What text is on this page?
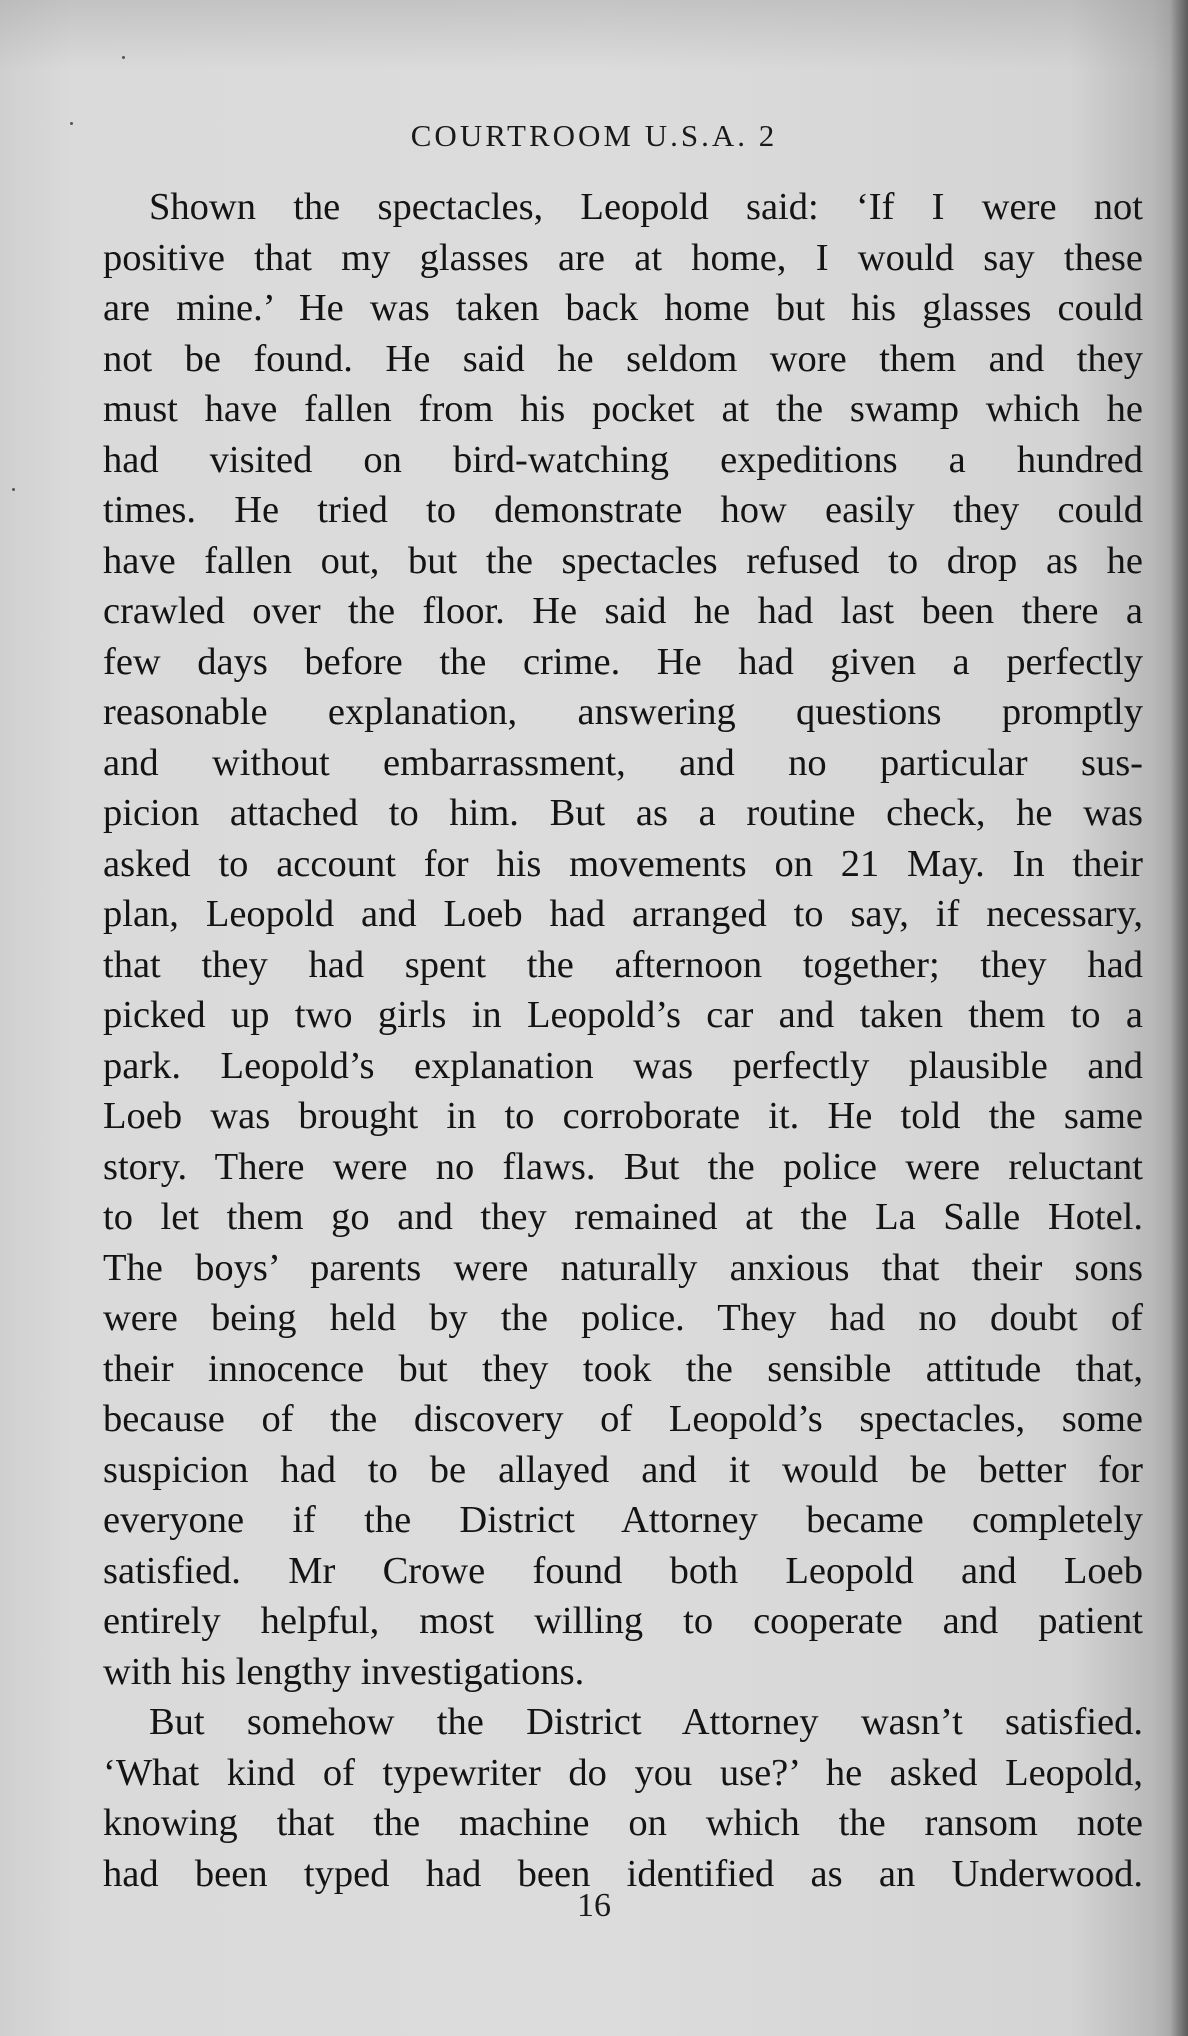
COURTROOM U.S.A. 2
Shown the spectacles, Leopold said: ‘If I were not
positive that my glasses are at home, I would say these
are mine.’ He was taken back home but his glasses could
not be found. He said he seldom wore them and they
must have fallen from his pocket at the swamp which he
had visited on bird-watching expeditions a hundred
times. He tried to demonstrate how easily they could
have fallen out, but the spectacles refused to drop as he
crawled over the floor. He said he had last been there a
few days before the crime. He had given a perfectly
reasonable explanation, answering questions promptly
and without embarrassment, and no particular sus-
picion attached to him. But as a routine check, he was
asked to account for his movements on 21 May. In their
plan, Leopold and Loeb had arranged to say, if necessary,
that they had spent the afternoon together; they had
picked up two girls in Leopold’s car and taken them to a
park. Leopold’s explanation was perfectly plausible and
Loeb was brought in to corroborate it. He told the same
story. There were no flaws. But the police were reluctant
to let them go and they remained at the La Salle Hotel.
The boys’ parents were naturally anxious that their sons
were being held by the police. They had no doubt of
their innocence but they took the sensible attitude that,
because of the discovery of Leopold’s spectacles, some
suspicion had to be allayed and it would be better for
everyone if the District Attorney became completely
satisfied. Mr Crowe found both Leopold and Loeb
entirely helpful, most willing to cooperate and patient
with his lengthy investigations.
But somehow the District Attorney wasn’t satisfied.
‘What kind of typewriter do you use?’ he asked Leopold,
knowing that the machine on which the ransom note
had been typed had been identified as an Underwood.
16
